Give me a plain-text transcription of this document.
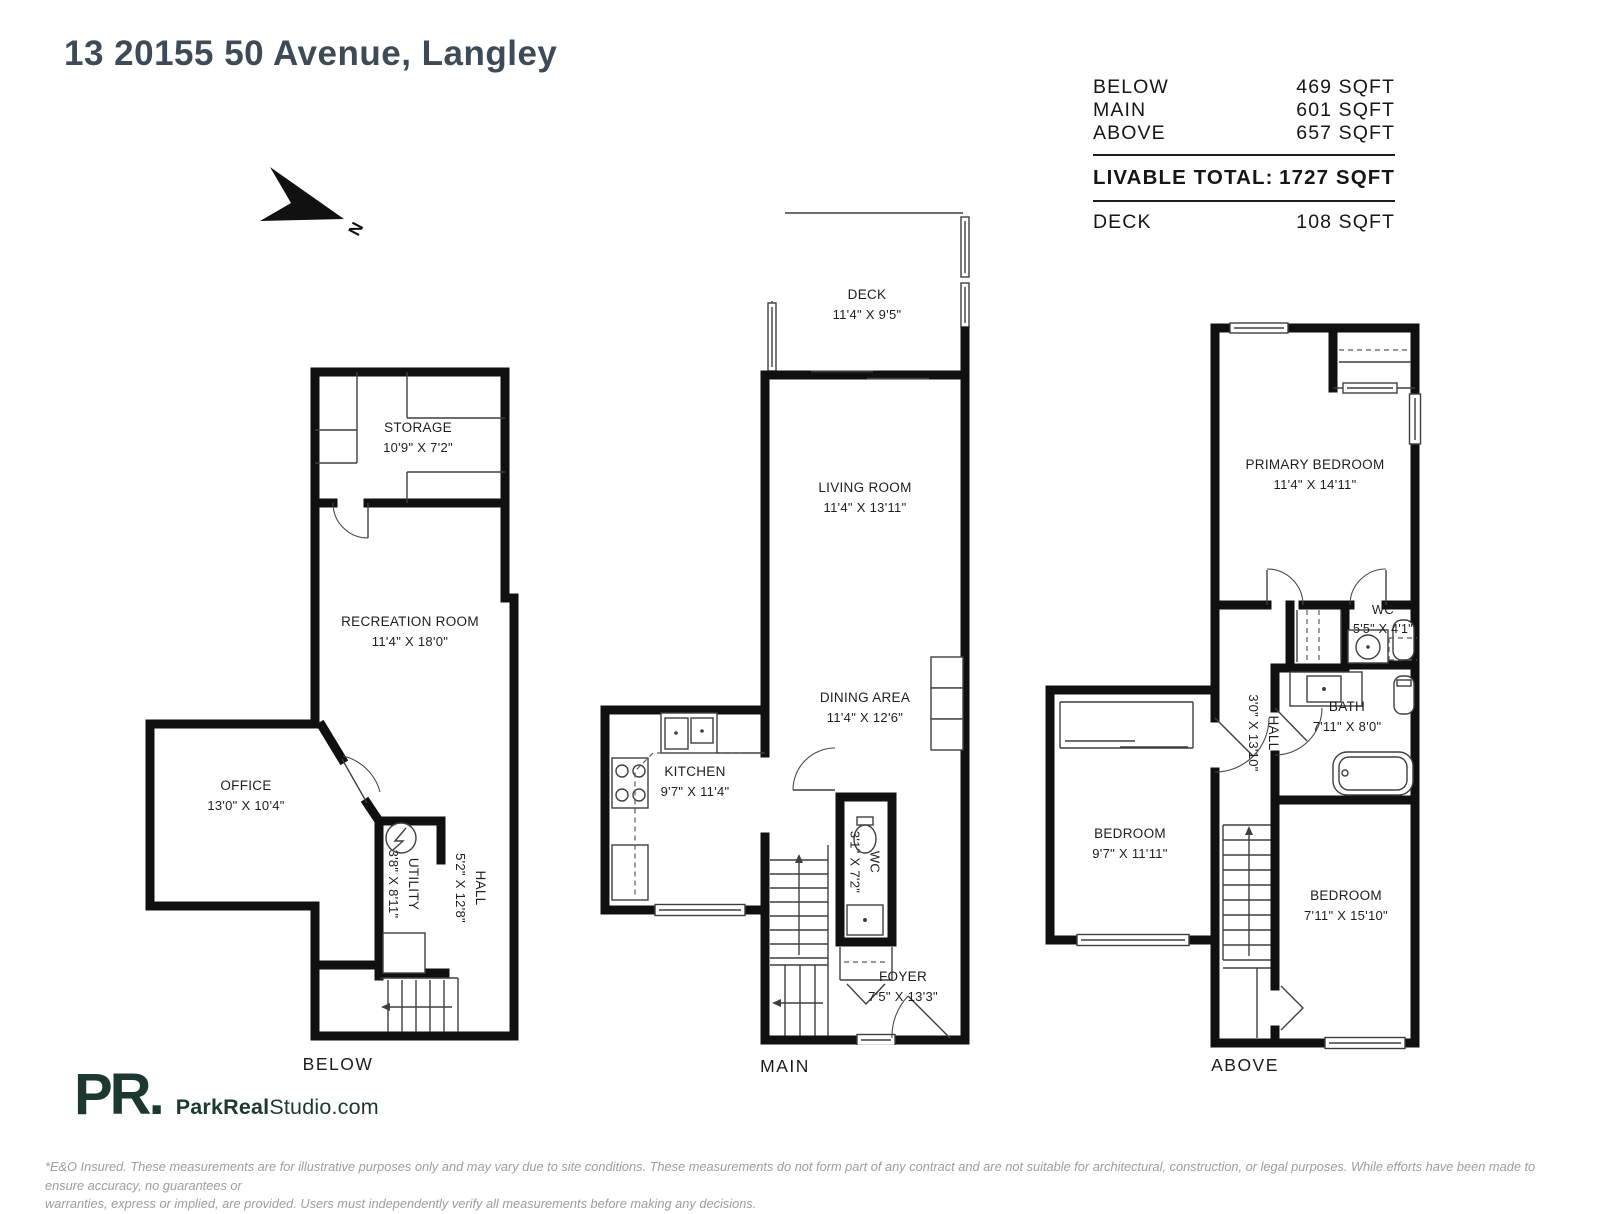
13 20155 50 Avenue, Langley
N
BELOW	469 SQFT
MAIN	601 SQFT
ABOVE	657 SQFT
LIVABLE TOTAL: 1727 SQFT
DECK	108 SQFT
STORAGE
10'9" X 7'2"
RECREATION ROOM
11'4" X 18'0"
OFFICE
13'0" X 10'4"
UTILITY
3'8" X 8'11"	HALL
5'2" X 12'8"
DECK
11'4" X 9'5"
LIVING ROOM
11'4" X 13'11"
DINING AREA
11'4" X 12'6"
KITCHEN
9'7" X 11'4"
WC
3'1" X 7'2"
FOYER
7'5" X 13'3"
PRIMARY BEDROOM
11'4" X 14'11"
WC
5'5" X 4'1"
BATH
7'11" X 8'0"
HALL
3'0" X 13'10"
BEDROOM
9'7" X 11'11"
BEDROOM
7'11" X 15'10"
BELOW	MAIN	ABOVE
PR. ParkRealStudio.com
*E&O Insured. These measurements are for illustrative purposes only and may vary due to site conditions. These measurements do not form part of any contract and are not suitable for architectural, construction, or legal purposes. While efforts have been made to ensure accuracy, no guarantees or
warranties, express or implied, are provided. Users must independently verify all measurements before making any decisions.
